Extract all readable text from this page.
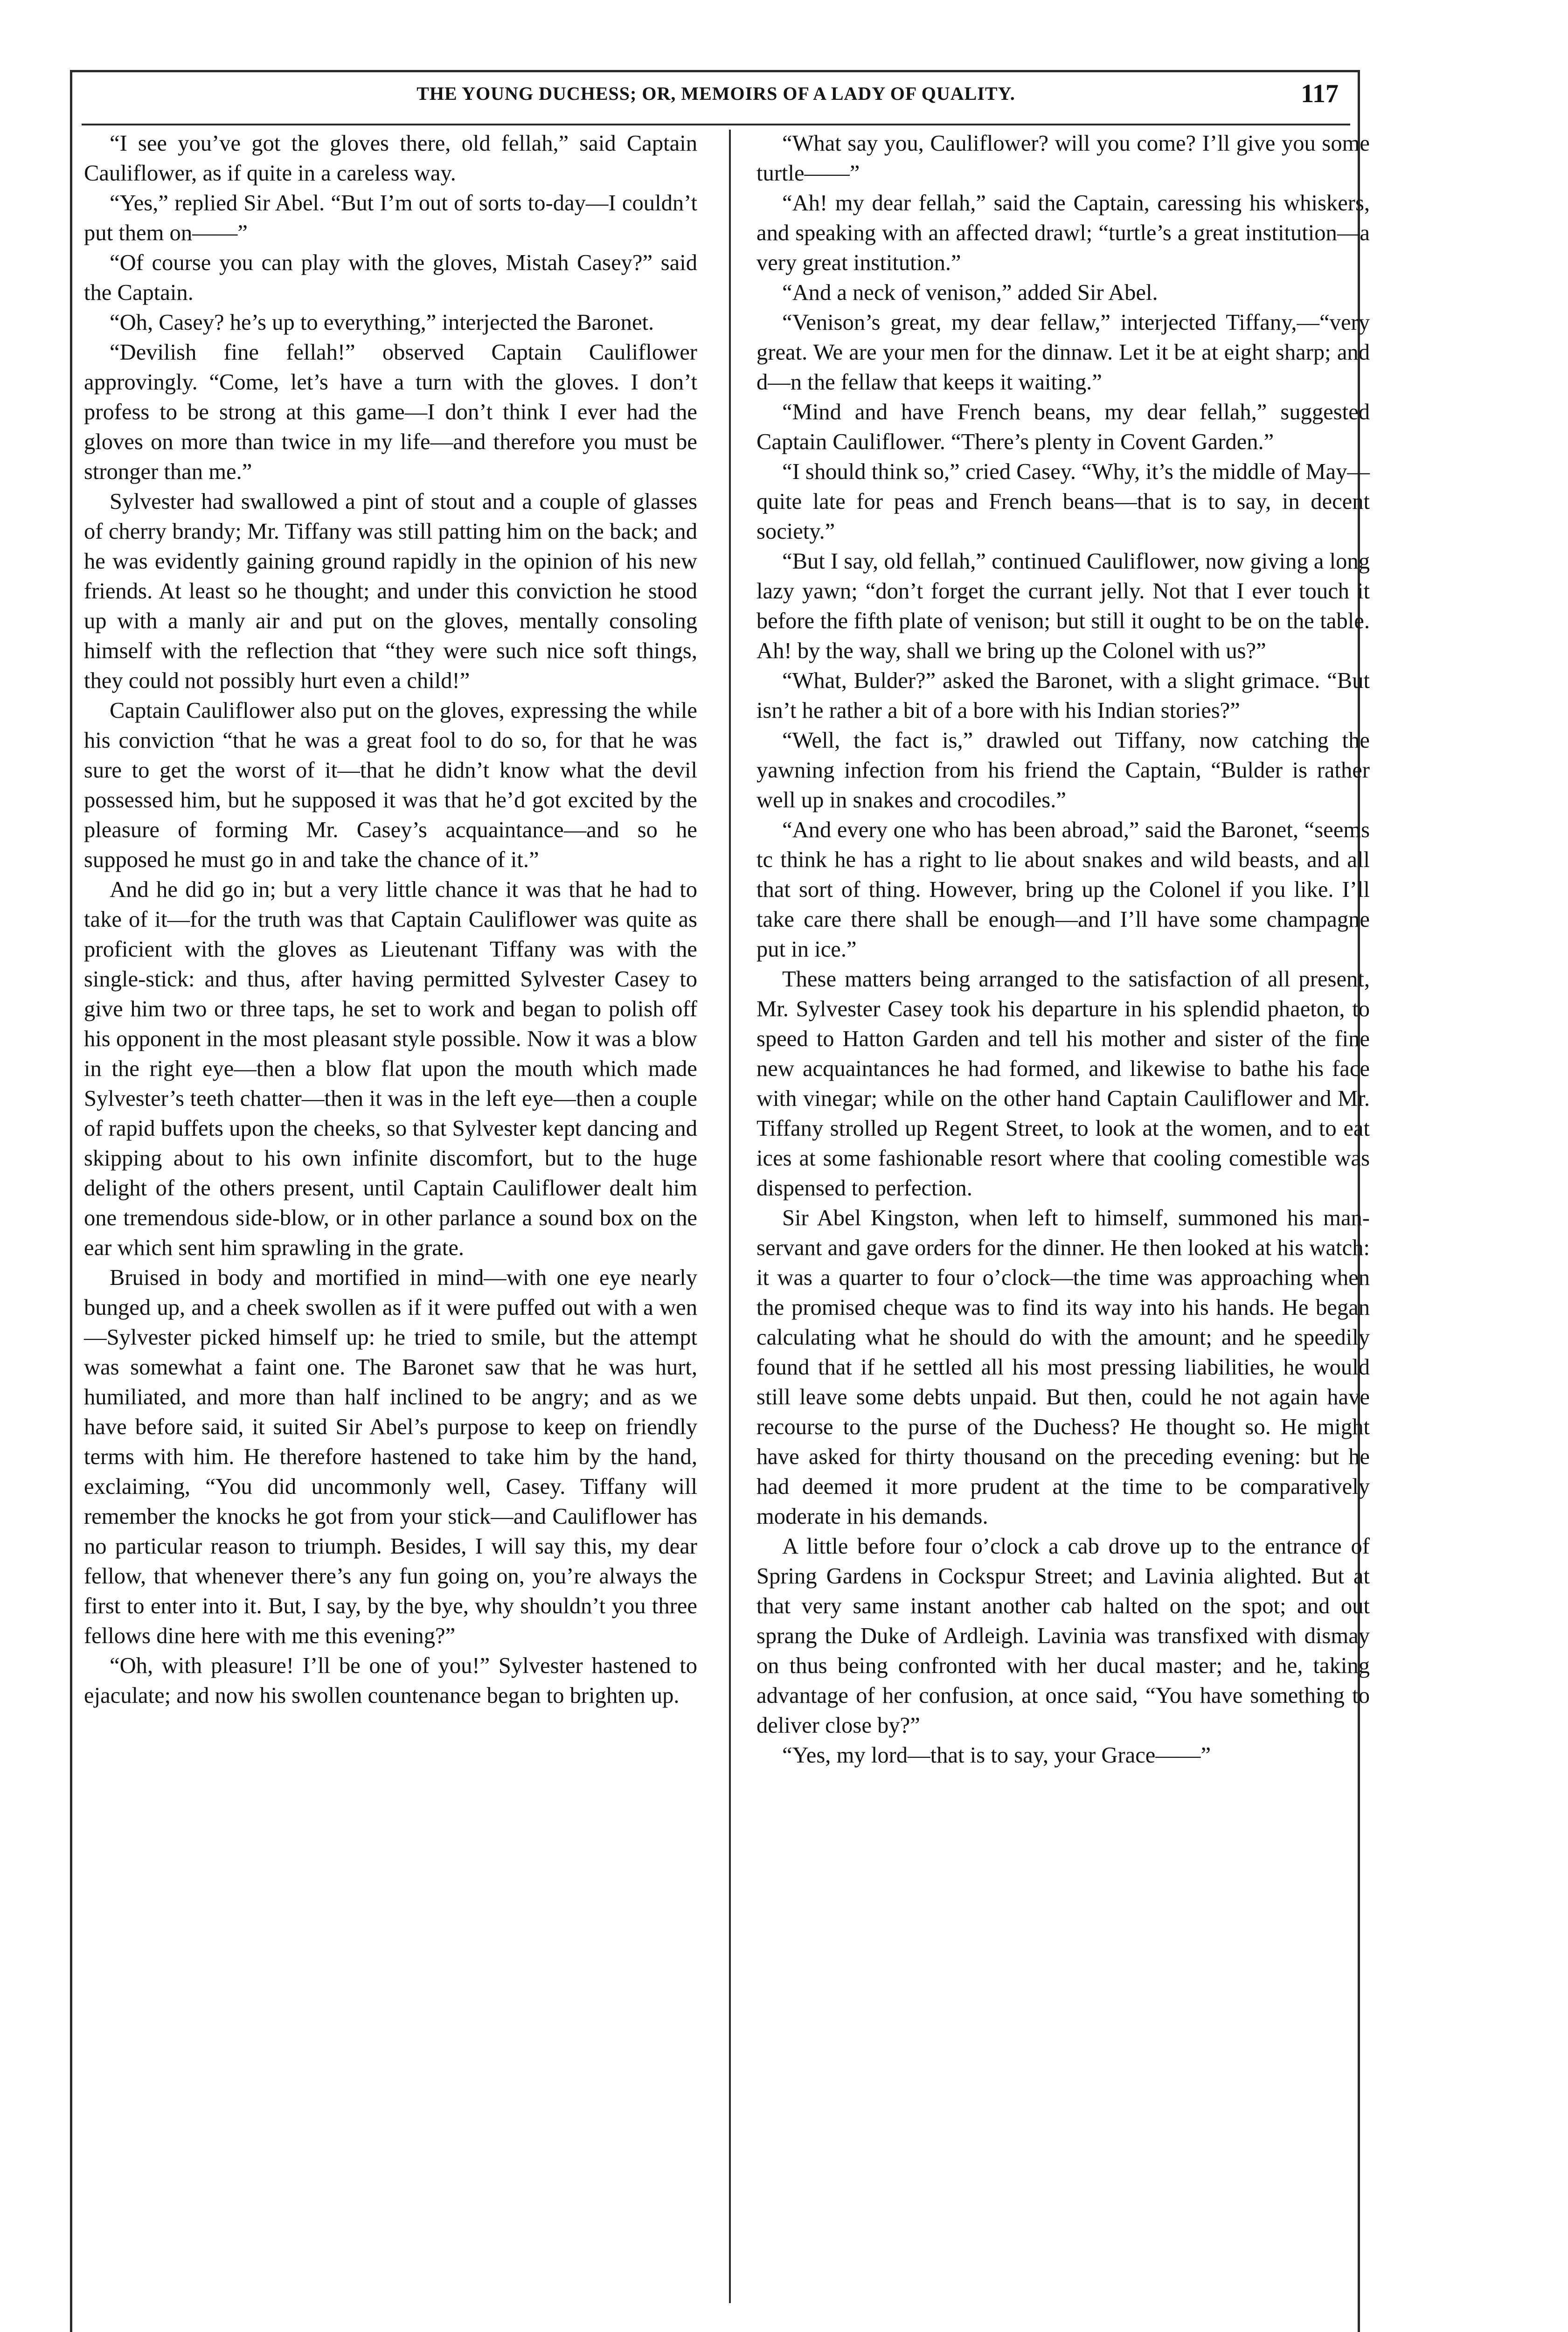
THE YOUNG DUCHESS; OR, MEMOIRS OF A LADY OF QUALITY.	117

“I see you’ve got the gloves there, old fellah,” said Captain Cauliflower, as if quite in a careless way.

“Yes,” replied Sir Abel. “But I’m out of sorts to-day—I couldn’t put them on——”

“Of course you can play with the gloves, Mistah Casey?” said the Captain.

“Oh, Casey? he’s up to everything,” interjected the Baronet.

“Devilish fine fellah!” observed Captain Cauliflower approvingly. “Come, let’s have a turn with the gloves. I don’t profess to be strong at this game—I don’t think I ever had the gloves on more than twice in my life—and therefore you must be stronger than me.”

Sylvester had swallowed a pint of stout and a couple of glasses of cherry brandy; Mr. Tiffany was still patting him on the back; and he was evidently gaining ground rapidly in the opinion of his new friends. At least so he thought; and under this conviction he stood up with a manly air and put on the gloves, mentally consoling himself with the reflection that “they were such nice soft things, they could not possibly hurt even a child!”

Captain Cauliflower also put on the gloves, expressing the while his conviction “that he was a great fool to do so, for that he was sure to get the worst of it—that he didn’t know what the devil possessed him, but he supposed it was that he’d got excited by the pleasure of forming Mr. Casey’s acquaintance—and so he supposed he must go in and take the chance of it.”

And he did go in; but a very little chance it was that he had to take of it—for the truth was that Captain Cauliflower was quite as proficient with the gloves as Lieutenant Tiffany was with the single-stick: and thus, after having permitted Sylvester Casey to give him two or three taps, he set to work and began to polish off his opponent in the most pleasant style possible. Now it was a blow in the right eye—then a blow flat upon the mouth which made Sylvester’s teeth chatter—then it was in the left eye—then a couple of rapid buffets upon the cheeks, so that Sylvester kept dancing and skipping about to his own infinite discomfort, but to the huge delight of the others present, until Captain Cauliflower dealt him one tremendous side-blow, or in other parlance a sound box on the ear which sent him sprawling in the grate.

Bruised in body and mortified in mind—with one eye nearly bunged up, and a cheek swollen as if it were puffed out with a wen—Sylvester picked himself up: he tried to smile, but the attempt was somewhat a faint one. The Baronet saw that he was hurt, humiliated, and more than half inclined to be angry; and as we have before said, it suited Sir Abel’s purpose to keep on friendly terms with him. He therefore hastened to take him by the hand, exclaiming, “You did uncommonly well, Casey. Tiffany will remember the knocks he got from your stick—and Cauliflower has no particular reason to triumph. Besides, I will say this, my dear fellow, that whenever there’s any fun going on, you’re always the first to enter into it. But, I say, by the bye, why shouldn’t you three fellows dine here with me this evening?”

“Oh, with pleasure! I’ll be one of you!” Sylvester hastened to ejaculate; and now his swollen countenance began to brighten up.

“What say you, Cauliflower? will you come? I’ll give you some turtle——”

“Ah! my dear fellah,” said the Captain, caressing his whiskers, and speaking with an affected drawl; “turtle’s a great institution—a very great institution.”

“And a neck of venison,” added Sir Abel.

“Venison’s great, my dear fellaw,” interjected Tiffany,—“very great. We are your men for the dinnaw. Let it be at eight sharp; and d—n the fellaw that keeps it waiting.”

“Mind and have French beans, my dear fellah,” suggested Captain Cauliflower. “There’s plenty in Covent Garden.”

“I should think so,” cried Casey. “Why, it’s the middle of May—quite late for peas and French beans—that is to say, in decent society.”

“But I say, old fellah,” continued Cauliflower, now giving a long lazy yawn; “don’t forget the currant jelly. Not that I ever touch it before the fifth plate of venison; but still it ought to be on the table. Ah! by the way, shall we bring up the Colonel with us?”

“What, Bulder?” asked the Baronet, with a slight grimace. “But isn’t he rather a bit of a bore with his Indian stories?”

“Well, the fact is,” drawled out Tiffany, now catching the yawning infection from his friend the Captain, “Bulder is rather well up in snakes and crocodiles.”

“And every one who has been abroad,” said the Baronet, “seems tc think he has a right to lie about snakes and wild beasts, and all that sort of thing. However, bring up the Colonel if you like. I’ll take care there shall be enough—and I’ll have some champagne put in ice.”

These matters being arranged to the satisfaction of all present, Mr. Sylvester Casey took his departure in his splendid phaeton, to speed to Hatton Garden and tell his mother and sister of the fine new acquaintances he had formed, and likewise to bathe his face with vinegar; while on the other hand Captain Cauliflower and Mr. Tiffany strolled up Regent Street, to look at the women, and to eat ices at some fashionable resort where that cooling comestible was dispensed to perfection.

Sir Abel Kingston, when left to himself, summoned his man-servant and gave orders for the dinner. He then looked at his watch: it was a quarter to four o’clock—the time was approaching when the promised cheque was to find its way into his hands. He began calculating what he should do with the amount; and he speedily found that if he settled all his most pressing liabilities, he would still leave some debts unpaid. But then, could he not again have recourse to the purse of the Duchess? He thought so. He might have asked for thirty thousand on the preceding evening: but he had deemed it more prudent at the time to be comparatively moderate in his demands.

A little before four o’clock a cab drove up to the entrance of Spring Gardens in Cockspur Street; and Lavinia alighted. But at that very same instant another cab halted on the spot; and out sprang the Duke of Ardleigh. Lavinia was transfixed with dismay on thus being confronted with her ducal master; and he, taking advantage of her confusion, at once said, “You have something to deliver close by?”

“Yes, my lord—that is to say, your Grace——”
